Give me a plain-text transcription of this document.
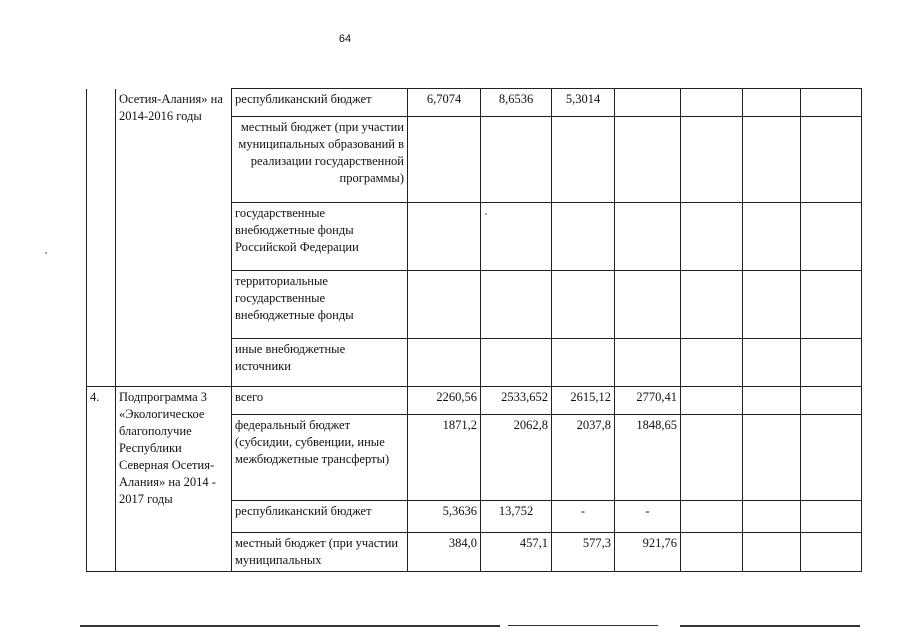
64
	Осетия-Алания» на 2014-2016 годы	республиканский бюджет	6,7074	8,6536	5,3014				
		местный бюджет (при участии муниципальных образований в реализации государственной программы)							
		государственные внебюджетные фонды Российской Федерации							
		территориальные государственные внебюджетные фонды							
		иные внебюджетные источники							
4.	Подпрограмма 3 «Экологическое благополучие Республики Северная Осетия- Алания» на 2014 - 2017 годы	всего	2260,56	2533,652	2615,12	2770,41			
		федеральный бюджет (субсидии, субвенции, иные межбюджетные трансферты)	1871,2	2062,8	2037,8	1848,65			
		республиканский бюджет	5,3636	13,752	-	-			
		местный бюджет (при участии муниципальных	384,0	457,1	577,3	921,76			
